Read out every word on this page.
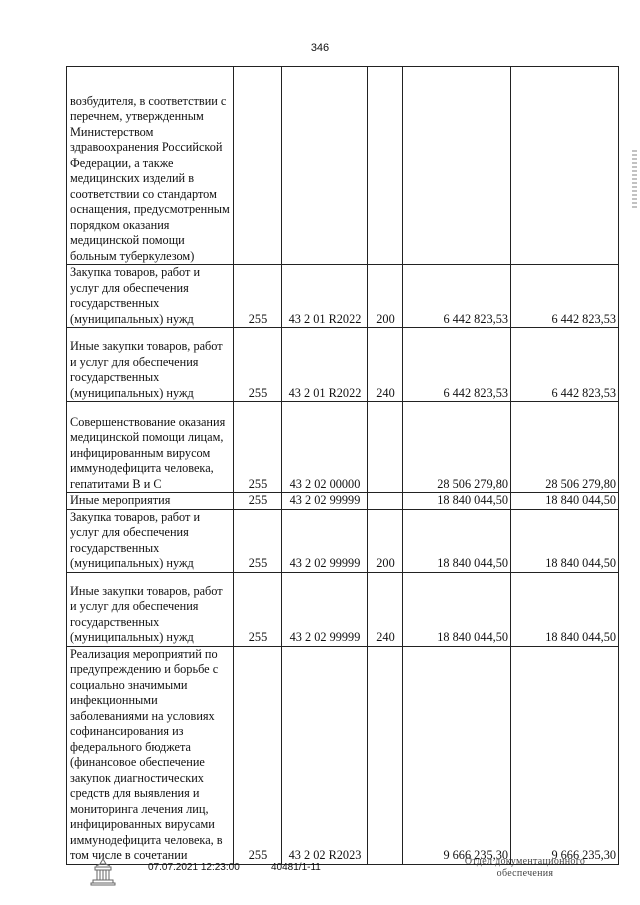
346
возбудителя, в соответствии с перечнем, утвержденным Министерством здравоохранения Российской Федерации, а также медицинских изделий в соответствии со стандартом оснащения, предусмотренным порядком оказания медицинской помощи больным туберкулезом)					
Закупка товаров, работ и услуг для обеспечения государственных (муниципальных) нужд	255	43 2 01 R2022	200	6 442 823,53	6 442 823,53
Иные закупки товаров, работ и услуг для обеспечения государственных (муниципальных) нужд	255	43 2 01 R2022	240	6 442 823,53	6 442 823,53
Совершенствование оказания медицинской помощи лицам, инфицированным вирусом иммунодефицита человека, гепатитами В и С	255	43 2 02 00000		28 506 279,80	28 506 279,80
Иные мероприятия	255	43 2 02 99999		18 840 044,50	18 840 044,50
Закупка товаров, работ и услуг для обеспечения государственных (муниципальных) нужд	255	43 2 02 99999	200	18 840 044,50	18 840 044,50
Иные закупки товаров, работ и услуг для обеспечения государственных (муниципальных) нужд	255	43 2 02 99999	240	18 840 044,50	18 840 044,50
Реализация мероприятий по предупреждению и борьбе с социально значимыми инфекционными заболеваниями на условиях софинансирования из федерального бюджета (финансовое обеспечение закупок диагностических средств для выявления и мониторинга лечения лиц, инфицированных вирусами иммунодефицита человека, в том числе в сочетании	255	43 2 02 R2023		9 666 235,30	9 666 235,30
07.07.2021 12:23:00	40481/1-11
Отдел документационного
обеспечения
